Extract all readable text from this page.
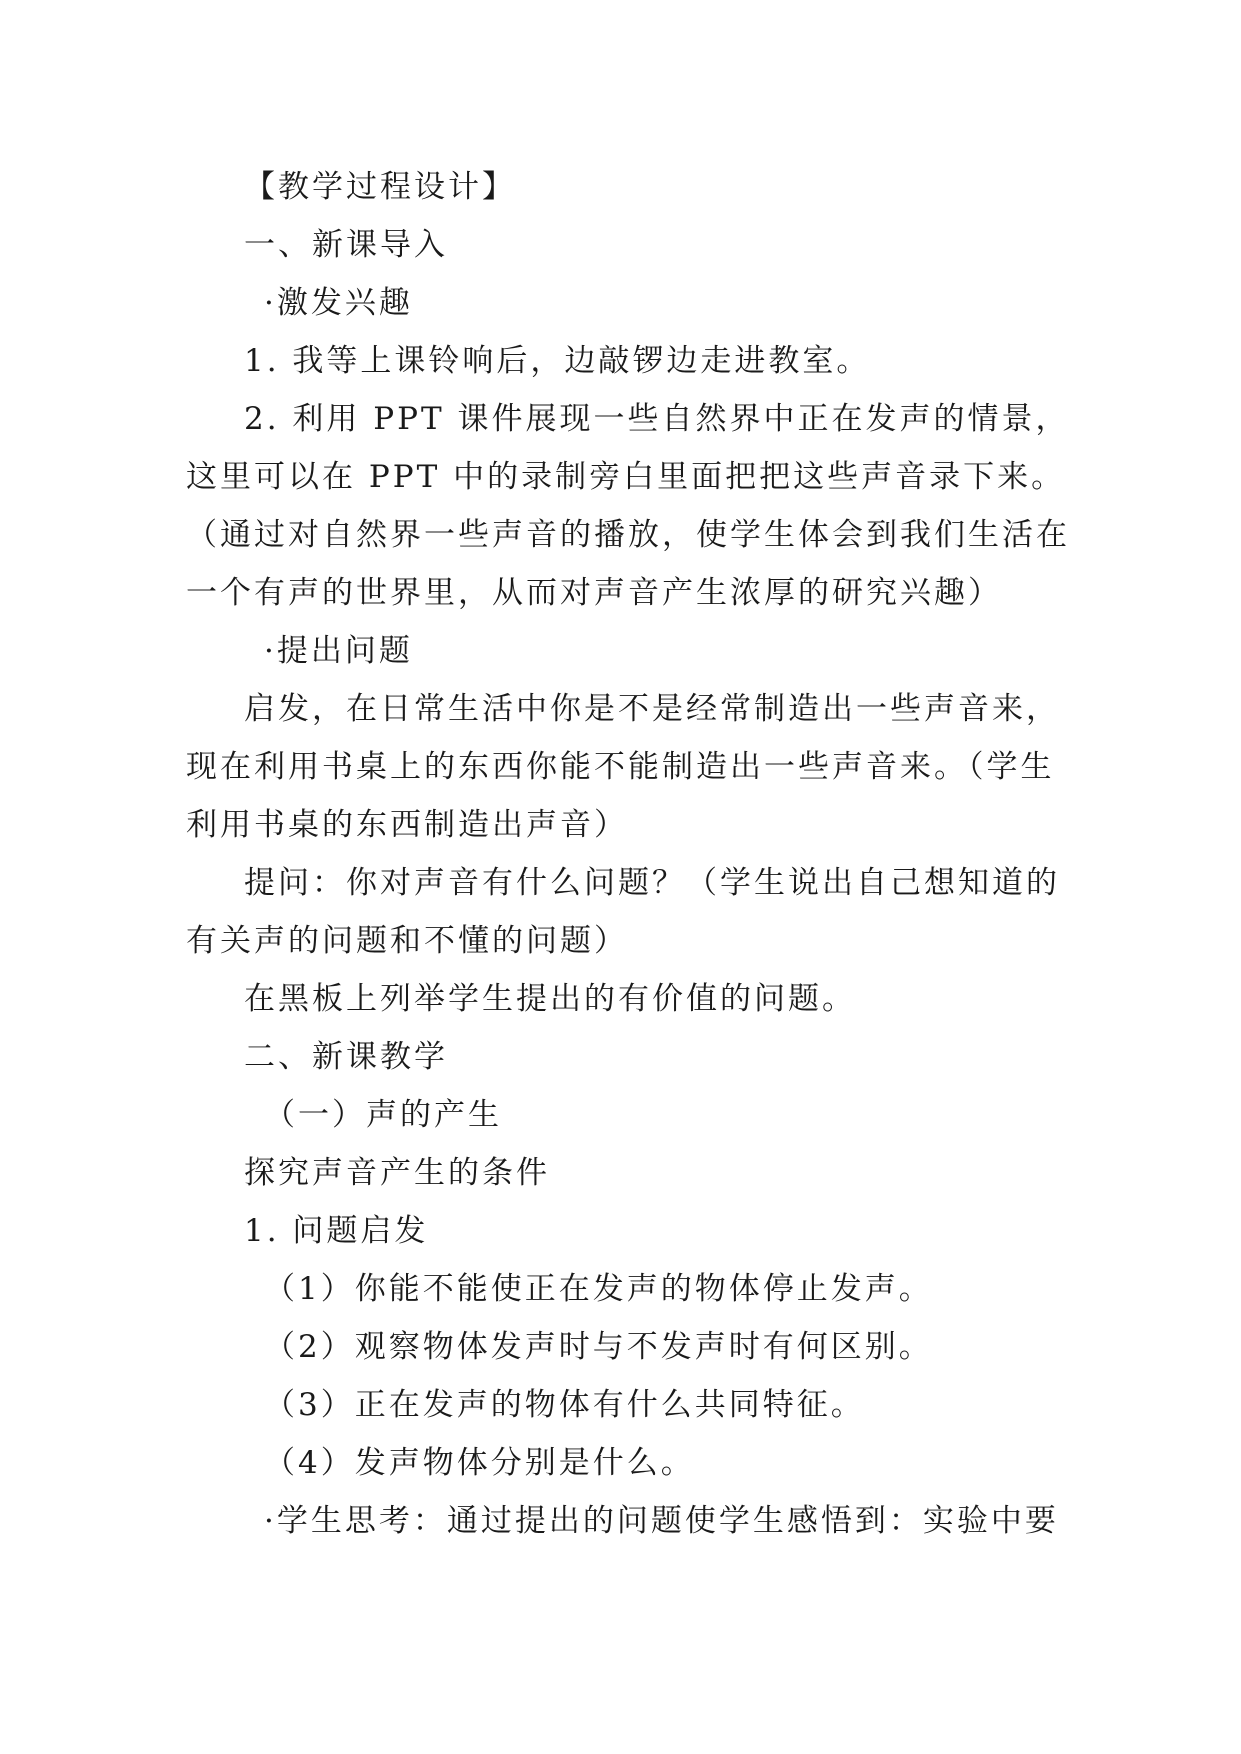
【教学过程设计】
一、新课导入
·激发兴趣
1. 我等上课铃响后，边敲锣边走进教室。
2. 利用 PPT 课件展现一些自然界中正在发声的情景，
这里可以在 PPT 中的录制旁白里面把把这些声音录下来。
（通过对自然界一些声音的播放，使学生体会到我们生活在
一个有声的世界里，从而对声音产生浓厚的研究兴趣）
·提出问题
启发，在日常生活中你是不是经常制造出一些声音来，
现在利用书桌上的东西你能不能制造出一些声音来。（学生
利用书桌的东西制造出声音）
提问：你对声音有什么问题？（学生说出自己想知道的
有关声的问题和不懂的问题）
在黑板上列举学生提出的有价值的问题。
二、新课教学
（一）声的产生
探究声音产生的条件
1. 问题启发
（1）你能不能使正在发声的物体停止发声。
（2）观察物体发声时与不发声时有何区别。
（3）正在发声的物体有什么共同特征。
（4）发声物体分别是什么。
·学生思考：通过提出的问题使学生感悟到：实验中要
